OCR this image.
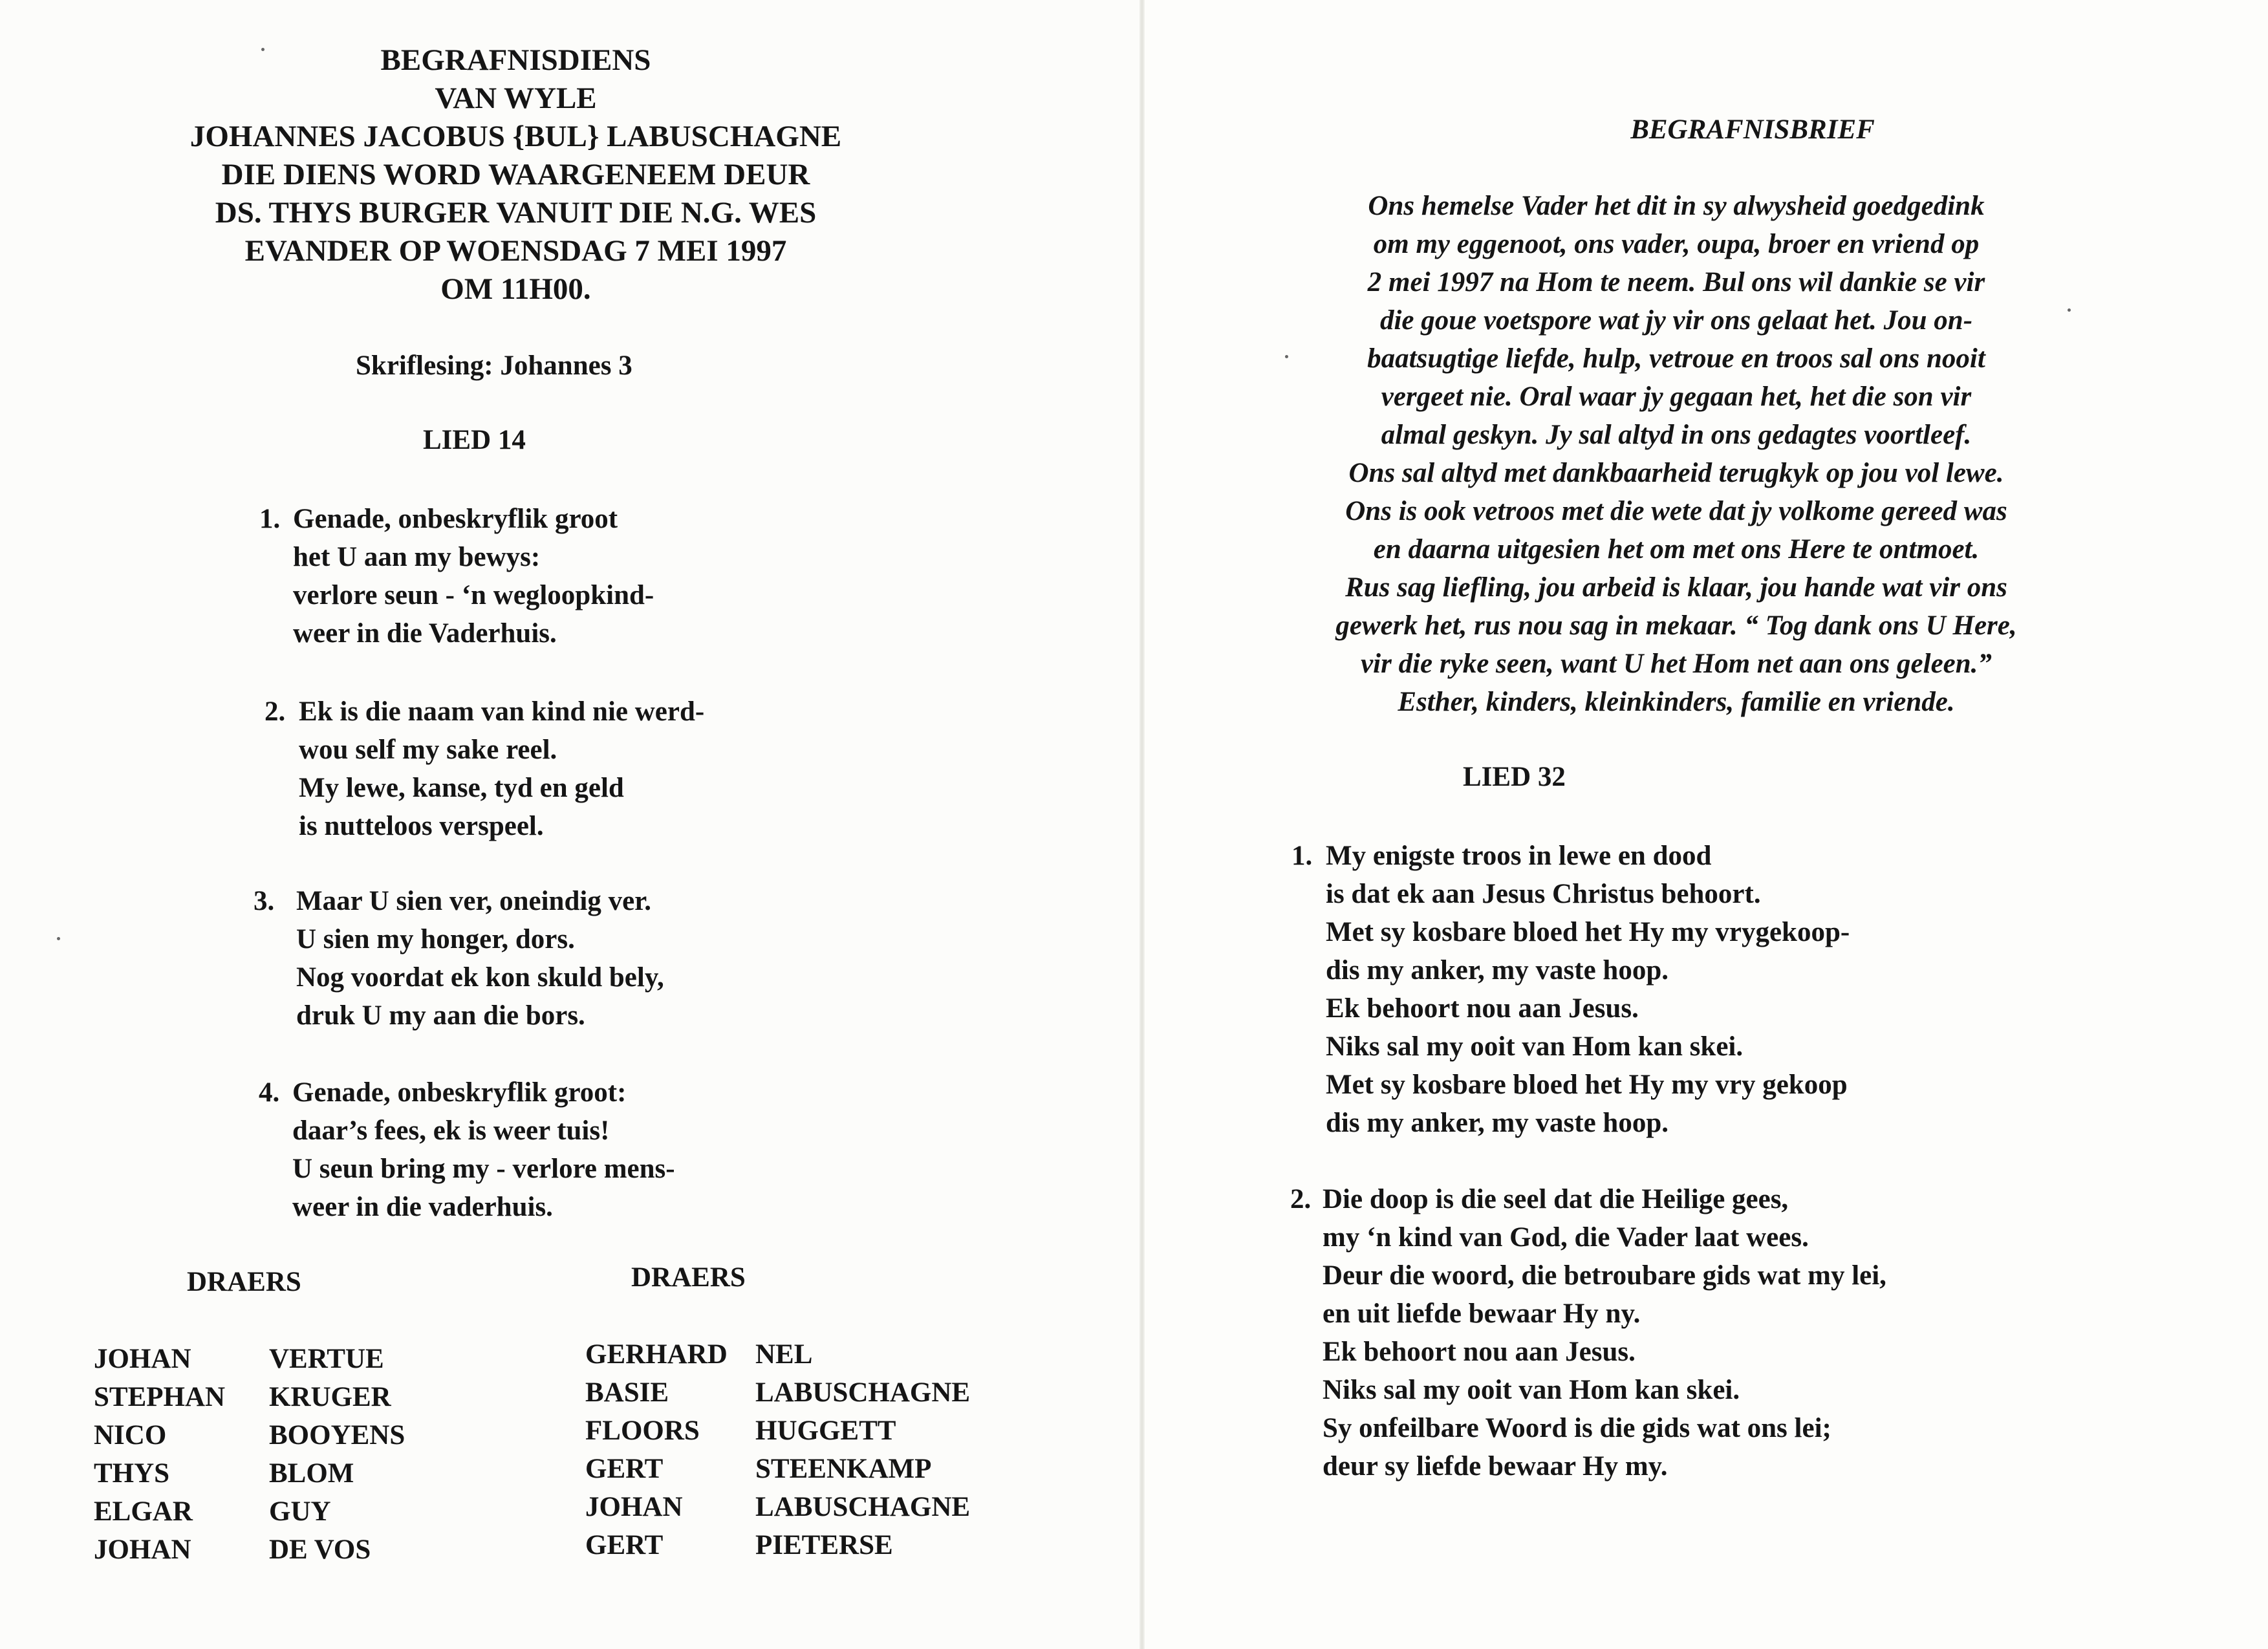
BEGRAFNISDIENS
VAN WYLE
JOHANNES JACOBUS {BUL} LABUSCHAGNE
DIE DIENS WORD WAARGENEEM DEUR
DS. THYS BURGER VANUIT DIE N.G. WES
EVANDER OP WOENSDAG 7 MEI 1997
OM 11H00.
Skriflesing: Johannes 3
LIED 14
1. Genade, onbeskryflik groot
het U aan my bewys:
verlore seun - ‘n wegloopkind-
weer in die Vaderhuis.
2. Ek is die naam van kind nie werd-
wou self my sake reel.
My lewe, kanse, tyd en geld
is nutteloos verspeel.
3. Maar U sien ver, oneindig ver.
U sien my honger, dors.
Nog voordat ek kon skuld bely,
druk U my aan die bors.
4. Genade, onbeskryflik groot:
daar’s fees, ek is weer tuis!
U seun bring my - verlore mens-
weer in die vaderhuis.
DRAERS	DRAERS
JOHAN
STEPHAN
NICO
THYS
ELGAR
JOHAN
VERTUE
KRUGER
BOOYENS
BLOM
GUY
DE VOS
GERHARD
BASIE
FLOORS
GERT
JOHAN
GERT
NEL
LABUSCHAGNE
HUGGETT
STEENKAMP
LABUSCHAGNE
PIETERSE
BEGRAFNISBRIEF
Ons hemelse Vader het dit in sy alwysheid goedgedink
om my eggenoot, ons vader, oupa, broer en vriend op
2 mei 1997 na Hom te neem. Bul ons wil dankie se vir
die goue voetspore wat jy vir ons gelaat het. Jou on-
baatsugtige liefde, hulp, vetroue en troos sal ons nooit
vergeet nie. Oral waar jy gegaan het, het die son vir
almal geskyn. Jy sal altyd in ons gedagtes voortleef.
Ons sal altyd met dankbaarheid terugkyk op jou vol lewe.
Ons is ook vetroos met die wete dat jy volkome gereed was
en daarna uitgesien het om met ons Here te ontmoet.
Rus sag liefling, jou arbeid is klaar, jou hande wat vir ons
gewerk het, rus nou sag in mekaar. “ Tog dank ons U Here,
vir die ryke seen, want U het Hom net aan ons geleen.”
Esther, kinders, kleinkinders, familie en vriende.
LIED 32
1. My enigste troos in lewe en dood
is dat ek aan Jesus Christus behoort.
Met sy kosbare bloed het Hy my vrygekoop-
dis my anker, my vaste hoop.
Ek behoort nou aan Jesus.
Niks sal my ooit van Hom kan skei.
Met sy kosbare bloed het Hy my vry gekoop
dis my anker, my vaste hoop.
2. Die doop is die seel dat die Heilige gees,
my ‘n kind van God, die Vader laat wees.
Deur die woord, die betroubare gids wat my lei,
en uit liefde bewaar Hy ny.
Ek behoort nou aan Jesus.
Niks sal my ooit van Hom kan skei.
Sy onfeilbare Woord is die gids wat ons lei;
deur sy liefde bewaar Hy my.
